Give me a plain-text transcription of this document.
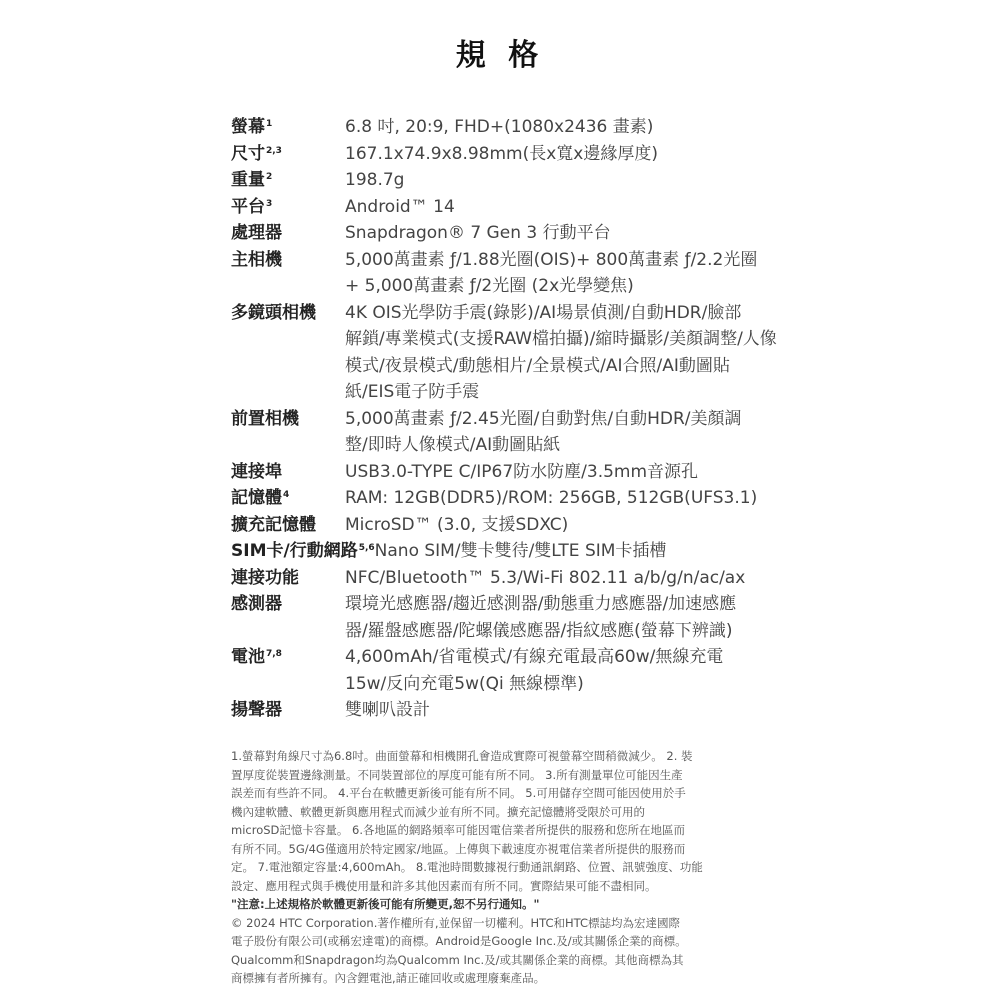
規 格
螢幕$^1$	6.8 吋, 20:9, FHD+(1080x2436 畫素)
尺寸$^{2,3}$	167.1x74.9x8.98mm(長x寬x邊緣厚度)
重量$^2$	198.7g
平台$^3$	Android™ 14
處理器	Snapdragon® 7 Gen 3 行動平台
主相機	5,000萬畫素 ƒ/1.88光圈(OIS)+ 800萬畫素 ƒ/2.2光圈
+ 5,000萬畫素 ƒ/2光圈 (2x光學變焦)
多鏡頭相機	4K OIS光學防手震(錄影)/AI場景偵測/自動HDR/臉部
解鎖/專業模式(支援RAW檔拍攝)/縮時攝影/美顏調整/人像
模式/夜景模式/動態相片/全景模式/AI合照/AI動圖貼
紙/EIS電子防手震
前置相機	5,000萬畫素 ƒ/2.45光圈/自動對焦/自動HDR/美顏調
整/即時人像模式/AI動圖貼紙
連接埠	USB3.0-TYPE C/IP67防水防塵/3.5mm音源孔
記憶體$^4$	RAM: 12GB(DDR5)/ROM: 256GB, 512GB(UFS3.1)
擴充記憶體	MicroSD™ (3.0, 支援SDXC)
SIM卡/行動網路$^{5,6}$ Nano SIM/雙卡雙待/雙LTE SIM卡插槽
連接功能	NFC/Bluetooth™ 5.3/Wi-Fi 802.11 a/b/g/n/ac/ax
感測器	環境光感應器/趨近感測器/動態重力感應器/加速感應
器/羅盤感應器/陀螺儀感應器/指紋感應(螢幕下辨識)
電池$^{7,8}$	4,600mAh/省電模式/有線充電最高60w/無線充電
15w/反向充電5w(Qi 無線標準)
揚聲器	雙喇叭設計
1.螢幕對角線尺寸為6.8吋。曲面螢幕和相機開孔會造成實際可視螢幕空間稍微減少。 2. 裝
置厚度從裝置邊緣測量。不同裝置部位的厚度可能有所不同。 3.所有測量單位可能因生產
誤差而有些許不同。 4.平台在軟體更新後可能有所不同。 5.可用儲存空間可能因使用於手
機內建軟體、軟體更新與應用程式而減少並有所不同。擴充記憶體將受限於可用的
microSD記憶卡容量。 6.各地區的網路頻率可能因電信業者所提供的服務和您所在地區而
有所不同。5G/4G僅適用於特定國家/地區。上傳與下載速度亦視電信業者所提供的服務而
定。 7.電池額定容量:4,600mAh。 8.電池時間數據視行動通訊網路、位置、訊號強度、功能
設定、應用程式與手機使用量和許多其他因素而有所不同。實際結果可能不盡相同。
"注意:上述規格於軟體更新後可能有所變更,恕不另行通知。"
© 2024 HTC Corporation.著作權所有,並保留一切權利。HTC和HTC標誌均為宏達國際
電子股份有限公司(或稱宏達電)的商標。Android是Google Inc.及/或其關係企業的商標。
Qualcomm和Snapdragon均為Qualcomm Inc.及/或其關係企業的商標。其他商標為其
商標擁有者所擁有。內含鋰電池,請正確回收或處理廢棄產品。
